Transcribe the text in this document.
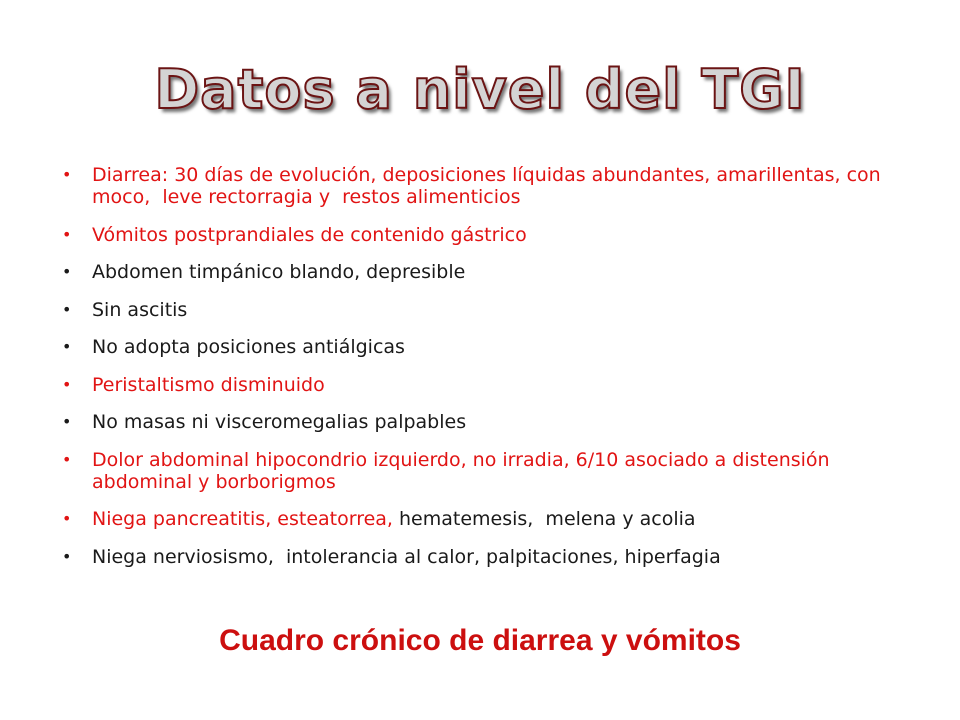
Datos a nivel del TGI
• Diarrea: 30 días de evolución, deposiciones líquidas abundantes, amarillentas, con moco,  leve rectorragia y  restos alimenticios
• Vómitos postprandiales de contenido gástrico
• Abdomen timpánico blando, depresible
• Sin ascitis
• No adopta posiciones antiálgicas
• Peristaltismo disminuido
• No masas ni visceromegalias palpables
• Dolor abdominal hipocondrio izquierdo, no irradia, 6/10 asociado a distensión abdominal y borborigmos
• Niega pancreatitis, esteatorrea, hematemesis,  melena y acolia
• Niega nerviosismo,  intolerancia al calor, palpitaciones, hiperfagia
Cuadro crónico de diarrea y vómitos
